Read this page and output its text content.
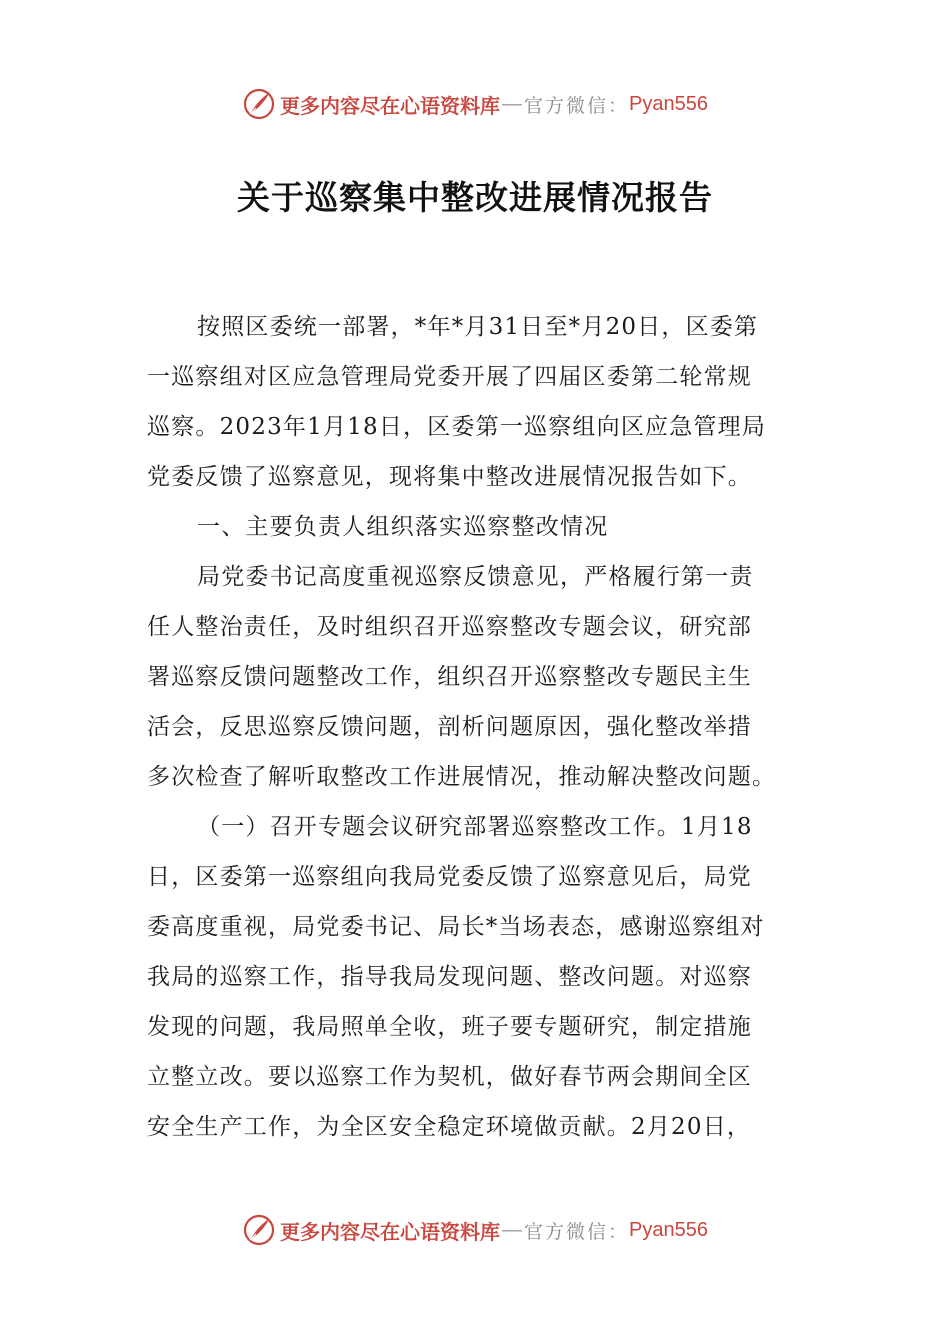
更多内容尽在心语资料库 — 官方微信： Pyan556
关于巡察集中整改进展情况报告
按照区委统一部署，*年*月31日至*月20日，区委第
一巡察组对区应急管理局党委开展了四届区委第二轮常规
巡察。2023年1月18日，区委第一巡察组向区应急管理局
党委反馈了巡察意见，现将集中整改进展情况报告如下。
一、主要负责人组织落实巡察整改情况
局党委书记高度重视巡察反馈意见，严格履行第一责
任人整治责任，及时组织召开巡察整改专题会议，研究部
署巡察反馈问题整改工作，组织召开巡察整改专题民主生
活会，反思巡察反馈问题，剖析问题原因，强化整改举措
多次检查了解听取整改工作进展情况，推动解决整改问题。
（一）召开专题会议研究部署巡察整改工作。1月18
日，区委第一巡察组向我局党委反馈了巡察意见后，局党
委高度重视，局党委书记、局长*当场表态，感谢巡察组对
我局的巡察工作，指导我局发现问题、整改问题。对巡察
发现的问题，我局照单全收，班子要专题研究，制定措施
立整立改。要以巡察工作为契机，做好春节两会期间全区
安全生产工作，为全区安全稳定环境做贡献。2月20日，
更多内容尽在心语资料库 — 官方微信： Pyan556
